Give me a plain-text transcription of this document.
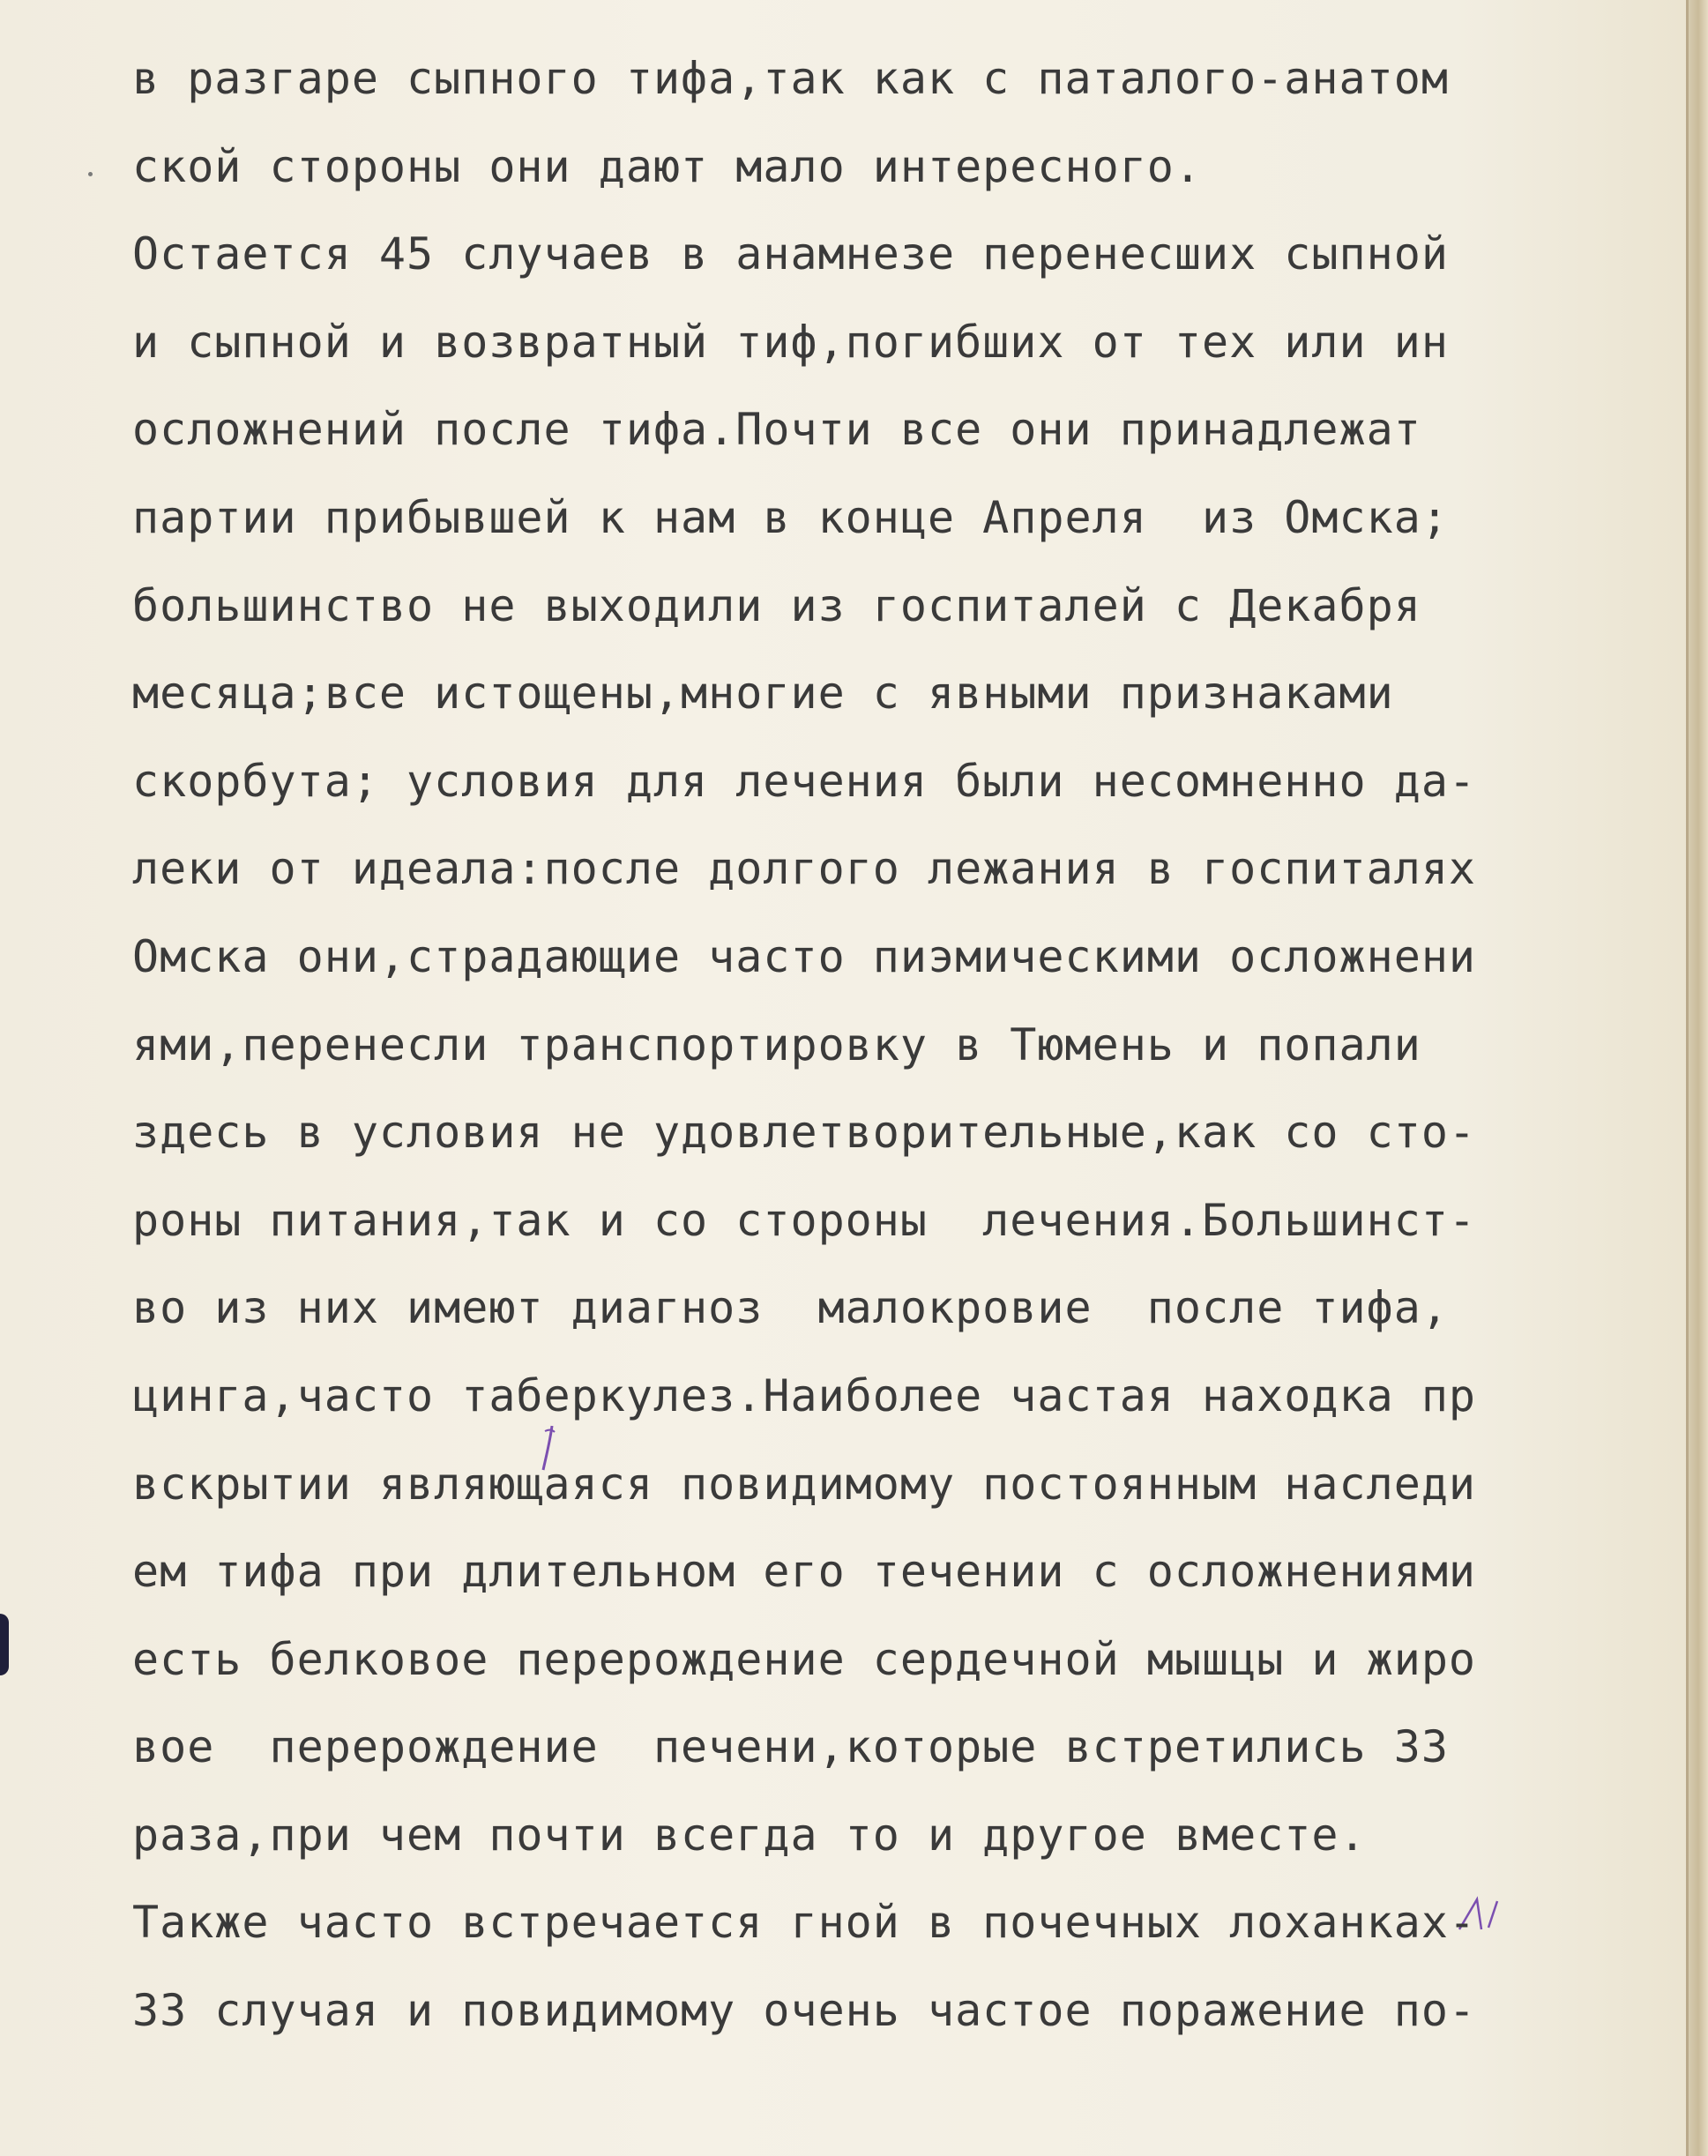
в разгаре сыпного тифа,так как с паталого-анатом
ской стороны они дают мало интересного.
Остается 45 случаев в анамнезе перенесших сыпной
и сыпной и возвратный тиф,погибших от тех или ин
осложнений после тифа.Почти все они принадлежат
партии прибывшей к нам в конце Апреля  из Омска;
большинство не выходили из госпиталей с Декабря
месяца;все истощены,многие с явными признаками
скорбута; условия для лечения были несомненно да-
леки от идеала:после долгого лежания в госпиталях
Омска они,страдающие часто пиэмическими осложнени
ями,перенесли транспортировку в Тюмень и попали
здесь в условия не удовлетворительные,как со сто-
роны питания,так и со стороны  лечения.Большинст-
во из них имеют диагноз  малокровие  после тифа,
цинга,часто таберкулез.Наиболее частая находка пр
вскрытии являющаяся повидимому постоянным наследи
ем тифа при длительном его течении с осложнениями
есть белковое перерождение сердечной мышцы и жиро
вое  перерождение  печени,которые встретились 33
раза,при чем почти всегда то и другое вместе.
Также часто встречается гной в почечных лоханках-
33 случая и повидимому очень частое поражение по-
